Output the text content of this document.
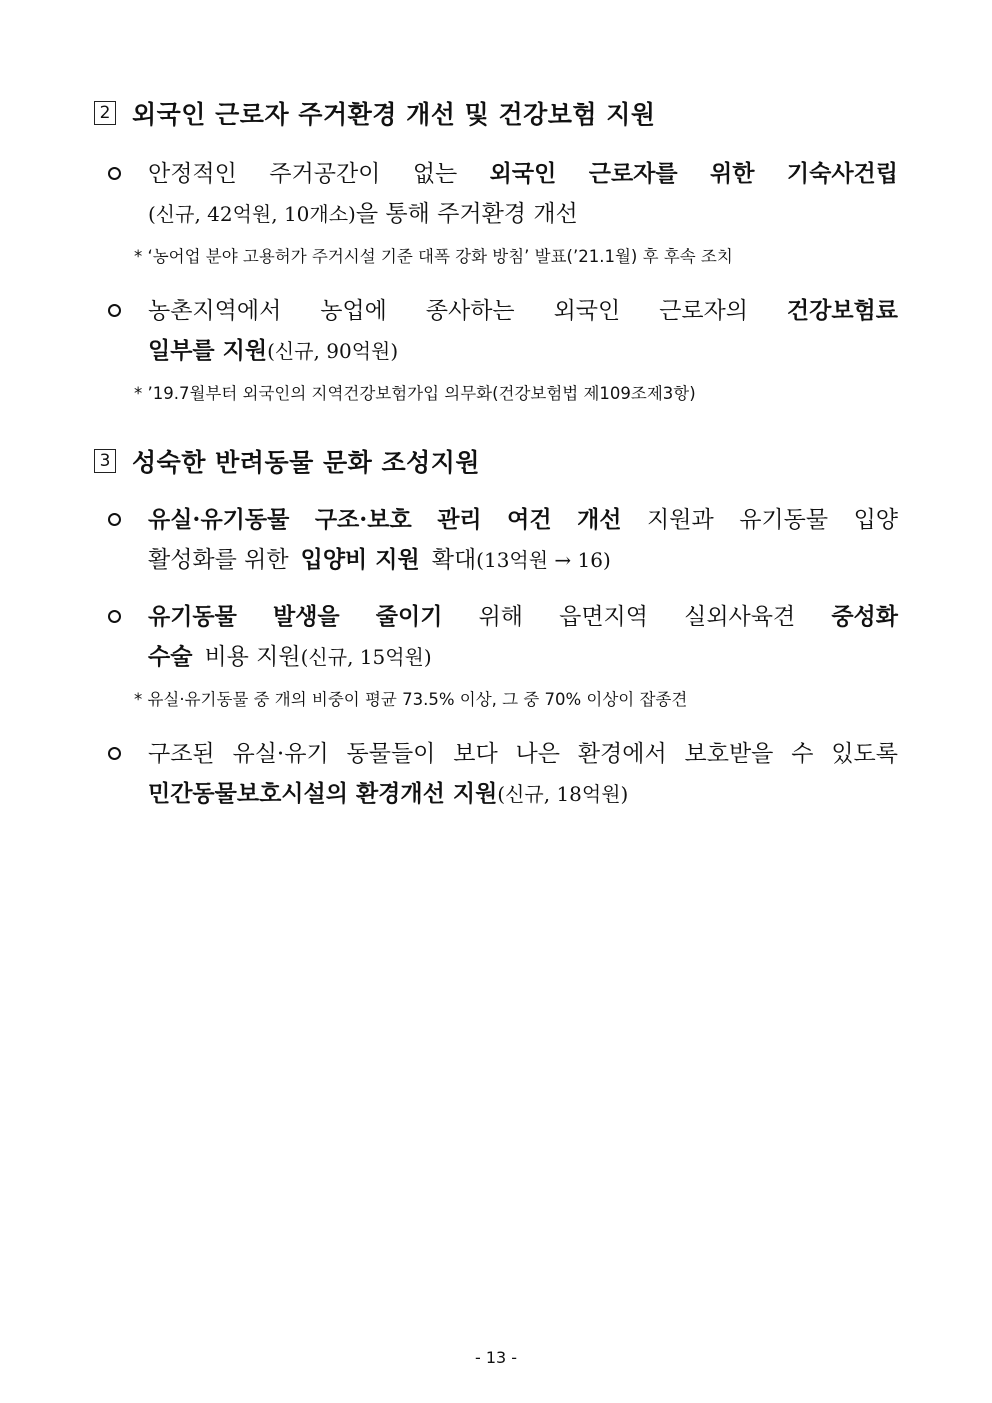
2 외국인 근로자 주거환경 개선 및 건강보험 지원
안정적인 주거공간이 없는 외국인 근로자를 위한 기숙사건립
(신규, 42억원, 10개소)을 통해 주거환경 개선
* ‘농어업 분야 고용허가 주거시설 기준 대폭 강화 방침’ 발표(’21.1월) 후 후속 조치
농촌지역에서 농업에 종사하는 외국인 근로자의 건강보험료
일부를 지원(신규, 90억원)
* ’19.7월부터 외국인의 지역건강보험가입 의무화(건강보험법 제109조제3항)
3 성숙한 반려동물 문화 조성지원
유실·유기동물 구조·보호 관리 여건 개선 지원과 유기동물 입양
활성화를 위한 입양비 지원 확대(13억원 → 16)
유기동물 발생을 줄이기 위해 읍면지역 실외사육견 중성화
수술 비용 지원(신규, 15억원)
* 유실·유기동물 중 개의 비중이 평균 73.5% 이상, 그 중 70% 이상이 잡종견
구조된 유실·유기 동물들이 보다 나은 환경에서 보호받을 수 있도록
민간동물보호시설의 환경개선 지원(신규, 18억원)
- 13 -
